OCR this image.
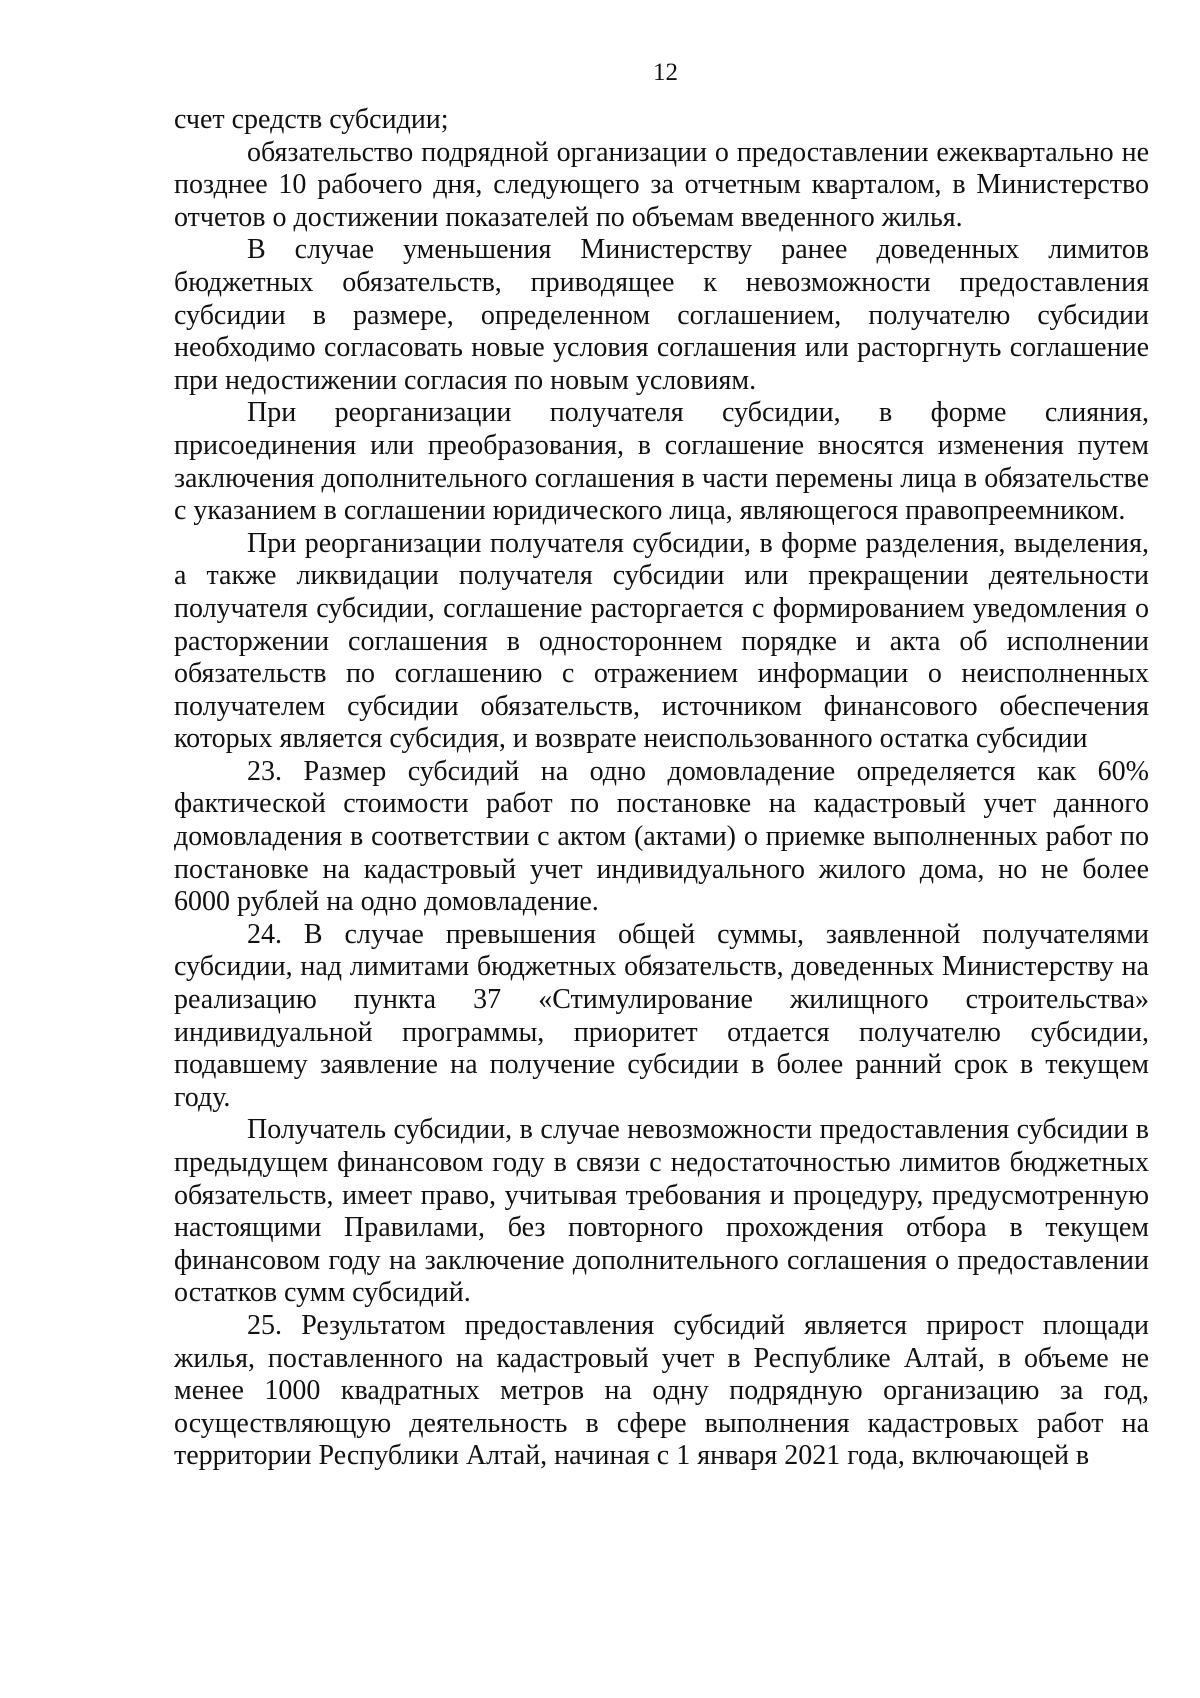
12

счет средств субсидии;

обязательство подрядной организации о предоставлении ежеквартально не позднее 10 рабочего дня, следующего за отчетным кварталом, в Министерство отчетов о достижении показателей по объемам введенного жилья.

В случае уменьшения Министерству ранее доведенных лимитов бюджетных обязательств, приводящее к невозможности предоставления субсидии в размере, определенном соглашением, получателю субсидии необходимо согласовать новые условия соглашения или расторгнуть соглашение при недостижении согласия по новым условиям.

При реорганизации получателя субсидии, в форме слияния, присоединения или преобразования, в соглашение вносятся изменения путем заключения дополнительного соглашения в части перемены лица в обязательстве с указанием в соглашении юридического лица, являющегося правопреемником.

При реорганизации получателя субсидии, в форме разделения, выделения, а также ликвидации получателя субсидии или прекращении деятельности получателя субсидии, соглашение расторгается с формированием уведомления о расторжении соглашения в одностороннем порядке и акта об исполнении обязательств по соглашению с отражением информации о неисполненных получателем субсидии обязательств, источником финансового обеспечения которых является субсидия, и возврате неиспользованного остатка субсидии

23. Размер субсидий на одно домовладение определяется как 60% фактической стоимости работ по постановке на кадастровый учет данного домовладения в соответствии с актом (актами) о приемке выполненных работ по постановке на кадастровый учет индивидуального жилого дома, но не более 6000 рублей на одно домовладение.

24. В случае превышения общей суммы, заявленной получателями субсидии, над лимитами бюджетных обязательств, доведенных Министерству на реализацию пункта 37 «Стимулирование жилищного строительства» индивидуальной программы, приоритет отдается получателю субсидии, подавшему заявление на получение субсидии в более ранний срок в текущем году.

Получатель субсидии, в случае невозможности предоставления субсидии в предыдущем финансовом году в связи с недостаточностью лимитов бюджетных обязательств, имеет право, учитывая требования и процедуру, предусмотренную настоящими Правилами, без повторного прохождения отбора в текущем финансовом году на заключение дополнительного соглашения о предоставлении остатков сумм субсидий.

25. Результатом предоставления субсидий является прирост площади жилья, поставленного на кадастровый учет в Республике Алтай, в объеме не менее 1000 квадратных метров на одну подрядную организацию за год, осуществляющую деятельность в сфере выполнения кадастровых работ на территории Республики Алтай, начиная с 1 января 2021 года, включающей в
